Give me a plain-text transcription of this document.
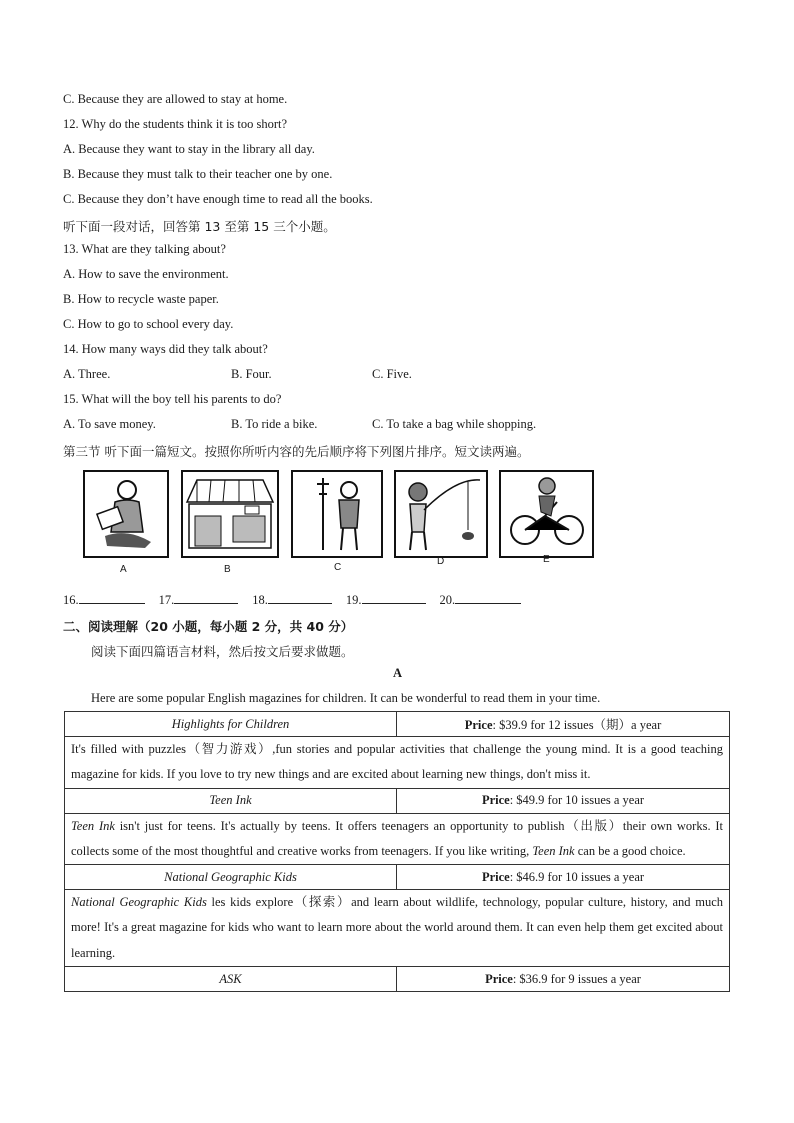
C. Because they are allowed to stay at home.
12. Why do the students think it is too short?
A. Because they want to stay in the library all day.
B. Because they must talk to their teacher one by one.
C. Because they don’t have enough time to read all the books.
听下面一段对话，回答第 13 至第 15 三个小题。
13. What are they talking about?
A. How to save the environment.
B. How to recycle waste paper.
C. How to go to school every day.
14. How many ways did they talk about?
A. Three.	B. Four.	C. Five.
15. What will the boy tell his parents to do?
A. To save money.	B. To ride a bike.	C. To take a bag while shopping.
第三节 听下面一篇短文。按照你所听内容的先后顺序将下列图片排序。短文读两遍。
A	B	C
D	E
16.	17.	18.	19.	20.
二、阅读理解（20 小题，每小题 2 分，共 40 分）
阅读下面四篇语言材料，然后按文后要求做题。
A
Here are some popular English magazines for children. It can be wonderful to read them in your time.
Highlights for Children	Price: $39.9 for 12 issues（期）a year
It's filled with puzzles（智力游戏）,fun stories and popular activities that challenge the young mind. It is a good teaching magazine for kids. If you love to try new things and are excited about learning new things, don't miss it.	
Teen Ink	Price: $49.9 for 10 issues a year
Teen Ink isn't just for teens. It's actually by teens. It offers teenagers an opportunity to publish（出版）their own works. It collects some of the most thoughtful and creative works from teenagers. If you like writing, Teen Ink can be a good choice.	
National Geographic Kids	Price: $46.9 for 10 issues a year
National Geographic Kids les kids explore（探索）and learn about wildlife, technology, popular culture, history, and much more! It's a great magazine for kids who want to learn more about the world around them. It can even help them get excited about learning.	
ASK	Price: $36.9 for 9 issues a year
